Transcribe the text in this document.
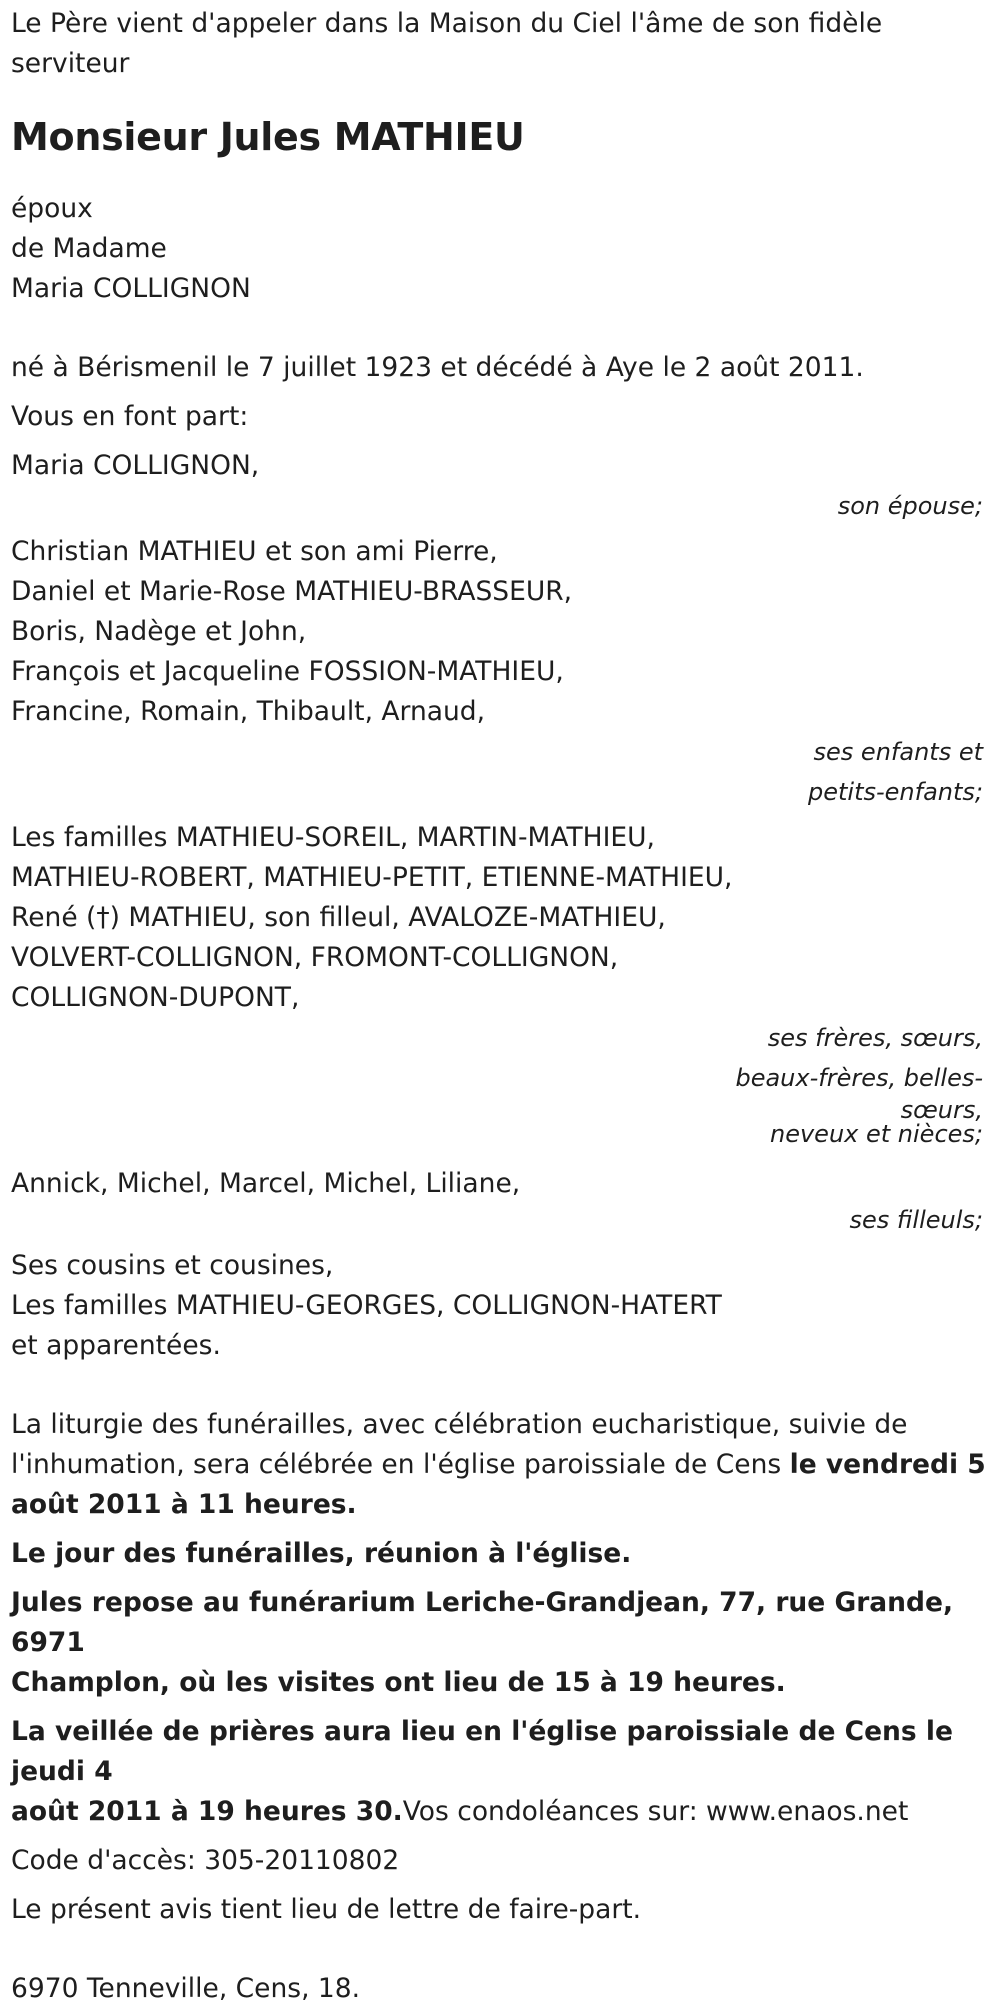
Le Père vient d'appeler dans la Maison du Ciel l'âme de son fidèle
serviteur

Monsieur Jules MATHIEU

époux
de Madame
Maria COLLIGNON

né à Bérismenil le 7 juillet 1923 et décédé à Aye le 2 août 2011.

Vous en font part:

Maria COLLIGNON,
son épouse;
Christian MATHIEU et son ami Pierre,
Daniel et Marie-Rose MATHIEU-BRASSEUR,
Boris, Nadège et John,
François et Jacqueline FOSSION-MATHIEU,
Francine, Romain, Thibault, Arnaud,
ses enfants et
petits-enfants;
Les familles MATHIEU-SOREIL, MARTIN-MATHIEU,
MATHIEU-ROBERT, MATHIEU-PETIT, ETIENNE-MATHIEU,
René (†) MATHIEU, son filleul, AVALOZE-MATHIEU,
VOLVERT-COLLIGNON, FROMONT-COLLIGNON,
COLLIGNON-DUPONT,
ses frères, sœurs,
beaux-frères, belles-
sœurs,
neveux et nièces;
Annick, Michel, Marcel, Michel, Liliane,
ses filleuls;
Ses cousins et cousines,
Les familles MATHIEU-GEORGES, COLLIGNON-HATERT
et apparentées.

La liturgie des funérailles, avec célébration eucharistique, suivie de
l'inhumation, sera célébrée en l'église paroissiale de Cens le vendredi 5
août 2011 à 11 heures.

Le jour des funérailles, réunion à l'église.

Jules repose au funérarium Leriche-Grandjean, 77, rue Grande, 6971
Champlon, où les visites ont lieu de 15 à 19 heures.

La veillée de prières aura lieu en l'église paroissiale de Cens le jeudi 4
août 2011 à 19 heures 30.Vos condoléances sur: www.enaos.net

Code d'accès: 305-20110802

Le présent avis tient lieu de lettre de faire-part.

6970 Tenneville, Cens, 18.
